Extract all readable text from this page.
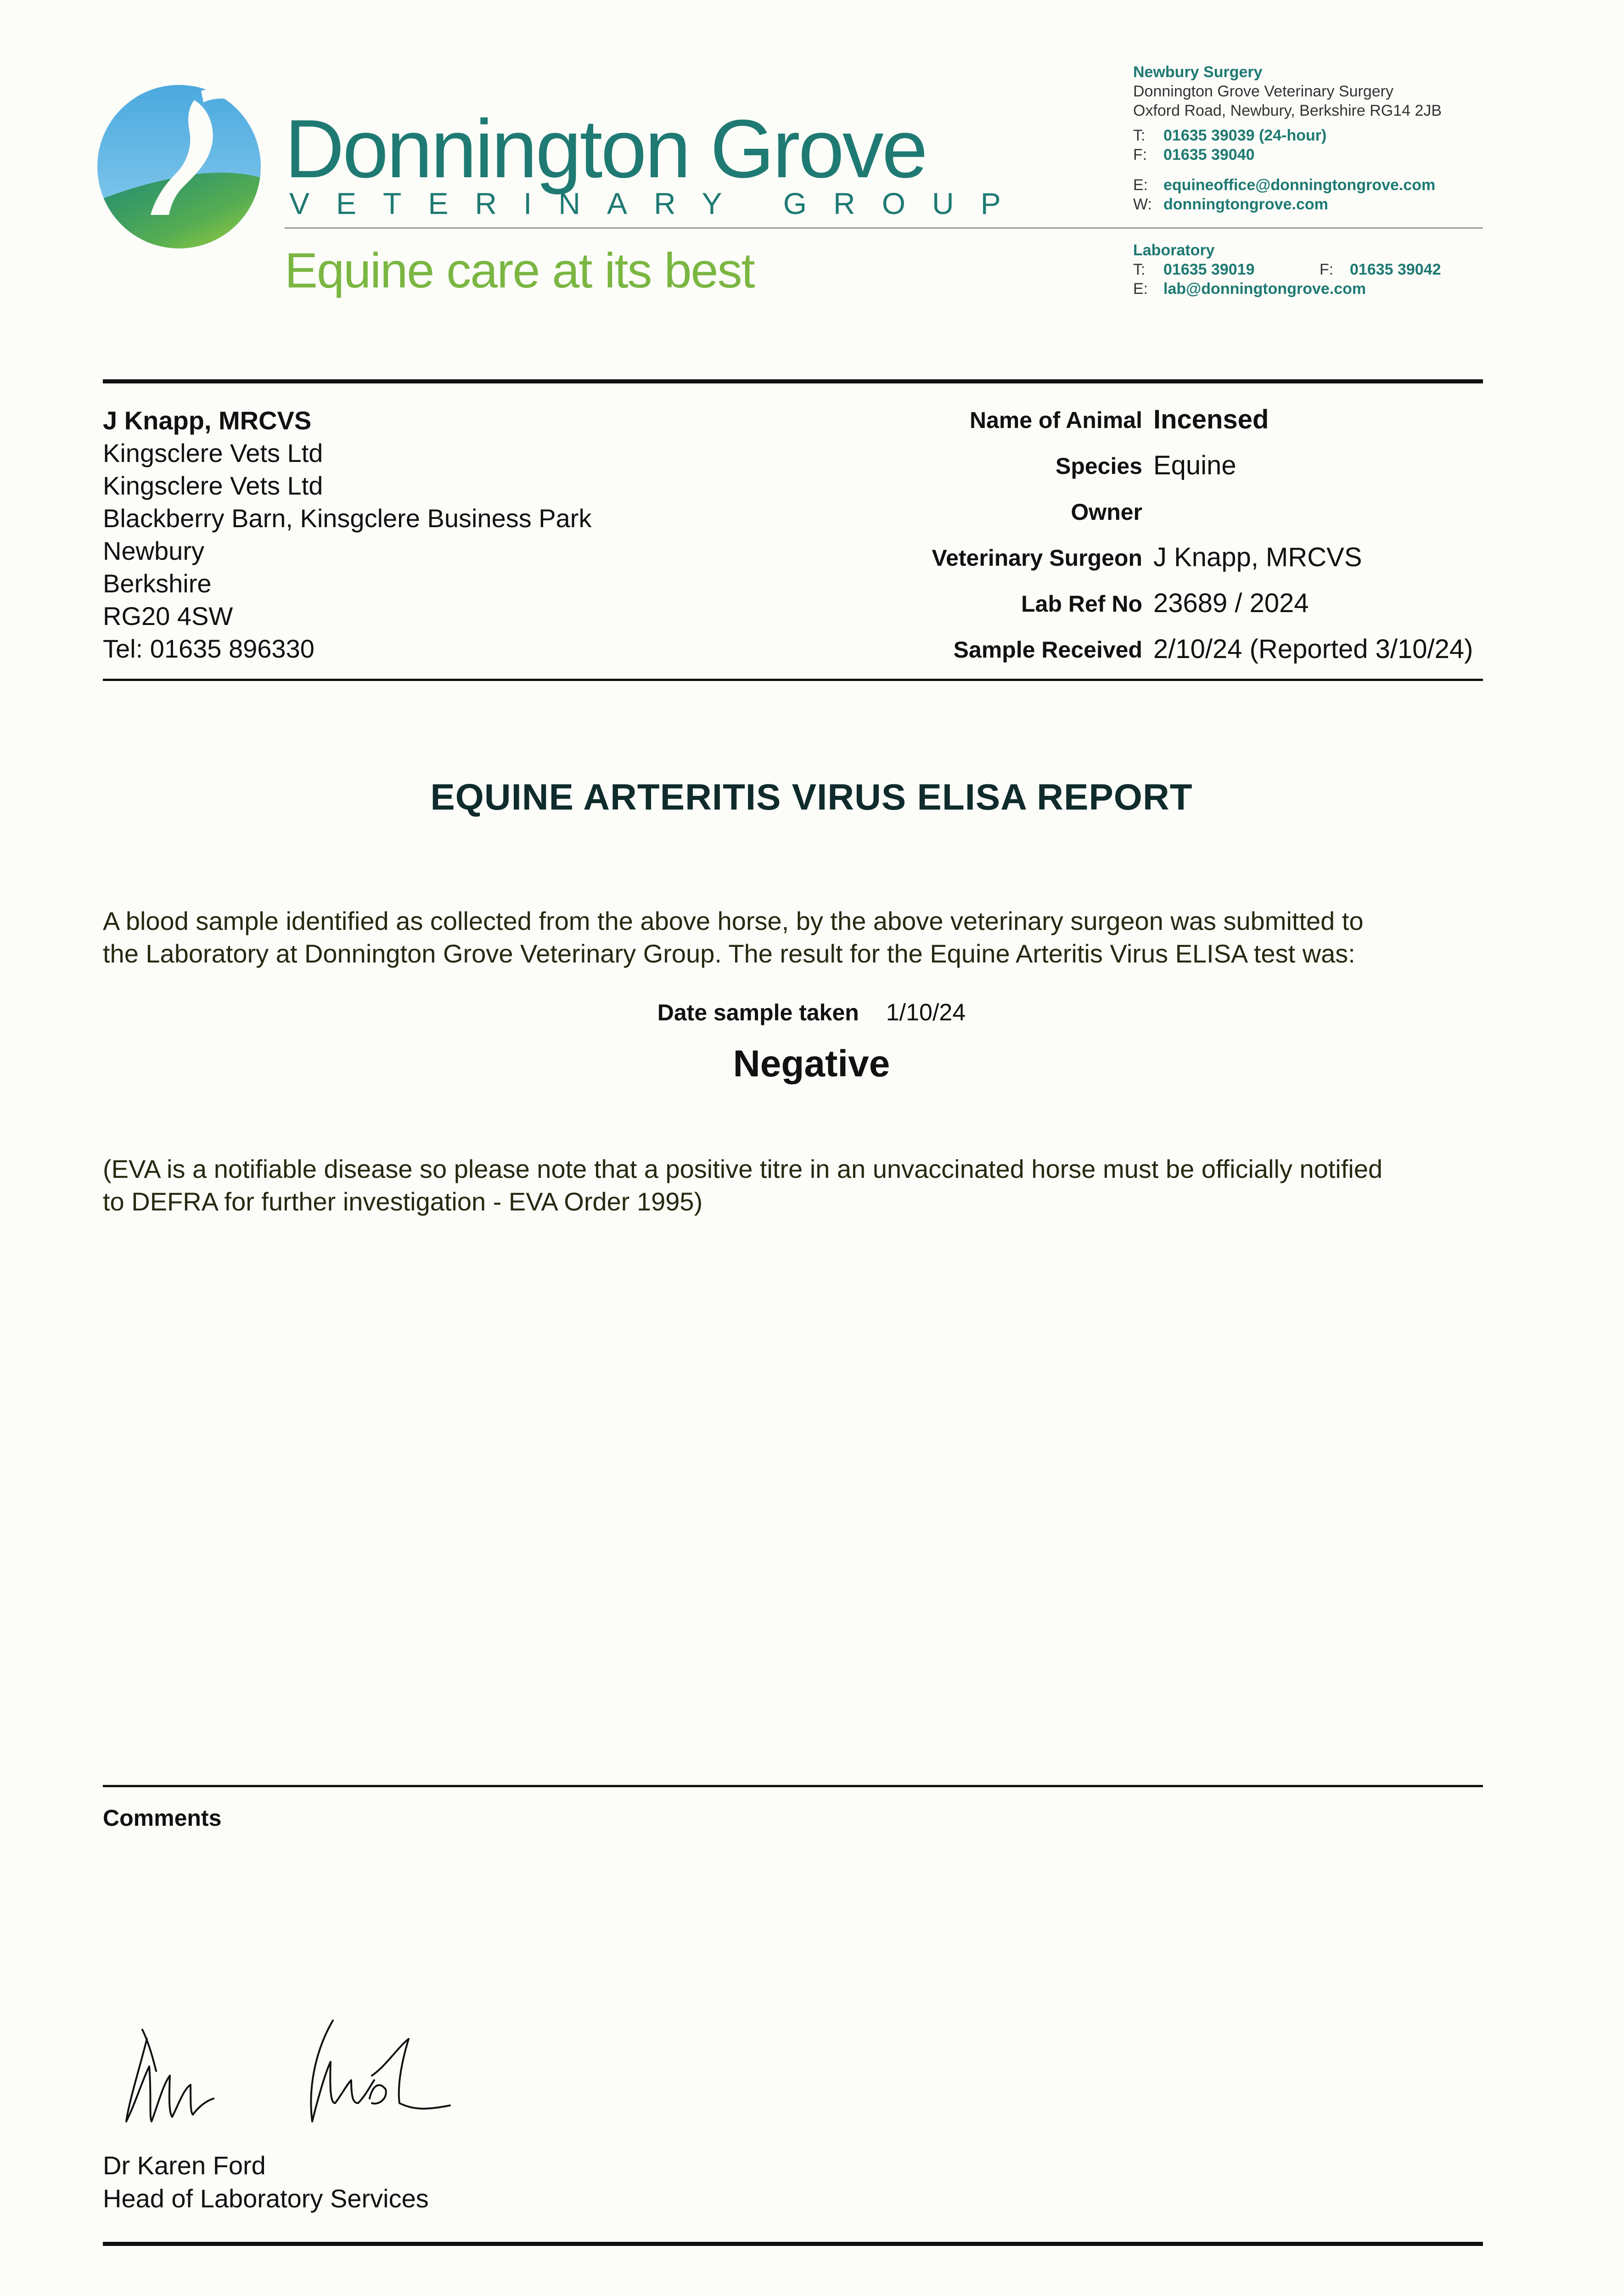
Donnington Grove
VETERINARY GROUP
Equine care at its best
Newbury Surgery
Donnington Grove Veterinary Surgery
Oxford Road, Newbury, Berkshire RG14 2JB
T: 01635 39039 (24-hour)
F: 01635 39040
E: equineoffice@donningtongrove.com
W: donningtongrove.com
Laboratory
T: 01635 39019	F: 01635 39042
E: lab@donningtongrove.com
J Knapp, MRCVS
Kingsclere Vets Ltd
Kingsclere Vets Ltd
Blackberry Barn, Kinsgclere Business Park
Newbury
Berkshire
RG20 4SW
Tel: 01635 896330
Name of Animal Incensed
Species Equine
Owner
Veterinary Surgeon J Knapp, MRCVS
Lab Ref No 23689 / 2024
Sample Received 2/10/24 (Reported 3/10/24)
EQUINE ARTERITIS VIRUS ELISA REPORT
A blood sample identified as collected from the above horse, by the above veterinary surgeon was submitted to
the Laboratory at Donnington Grove Veterinary Group. The result for the Equine Arteritis Virus ELISA test was:
Date sample taken 1/10/24
Negative
(EVA is a notifiable disease so please note that a positive titre in an unvaccinated horse must be officially notified
to DEFRA for further investigation - EVA Order 1995)
Comments
Dr Karen Ford
Head of Laboratory Services
